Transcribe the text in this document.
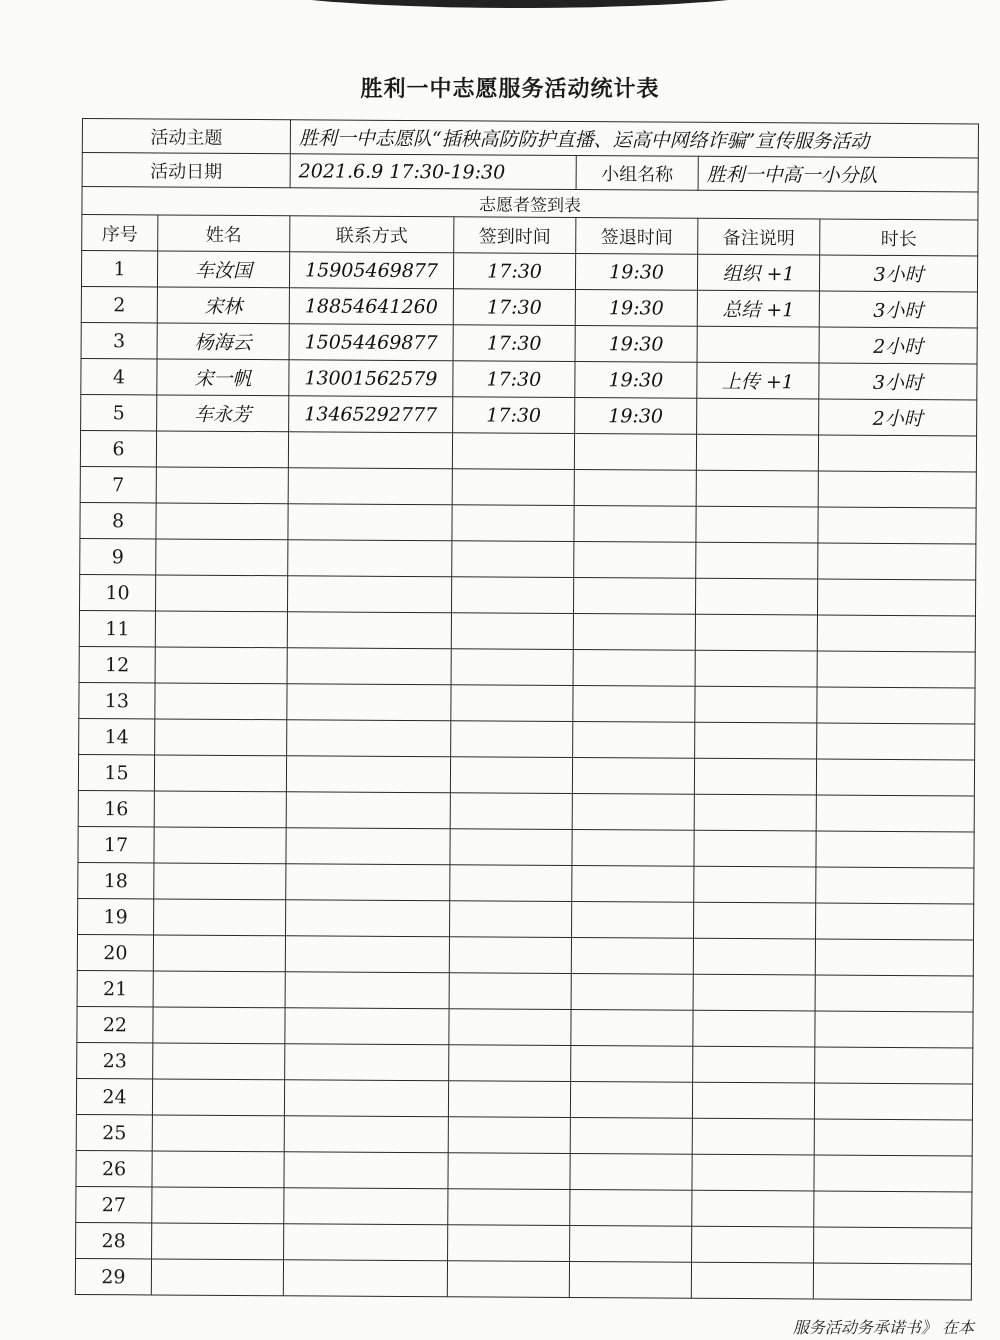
胜利一中志愿服务活动统计表
活动主题		胜利一中志愿队“插秧高防防护直播、运高中网络诈骗”宣传服务活动				
活动日期		2021.6.9 17:30-19:30		小组名称	胜利一中高一小分队	
志愿者签到表						
序号	姓名	联系方式	签到时间	签退时间	备注说明	时长
1	车汝国	15905469877	17:30	19:30	组织 +1	3小时
2	宋林	18854641260	17:30	19:30	总结 +1	3小时
3	杨海云	15054469877	17:30	19:30		2小时
4	宋一帆	13001562579	17:30	19:30	上传 +1	3小时
5	车永芳	13465292777	17:30	19:30		2小时
6						
7						
8						
9						
10						
11						
12						
13						
14						
15						
16						
17						
18						
19						
20						
21						
22						
23						
24						
25						
26						
27						
28						
29						
服务活动务承诺书》 在本
